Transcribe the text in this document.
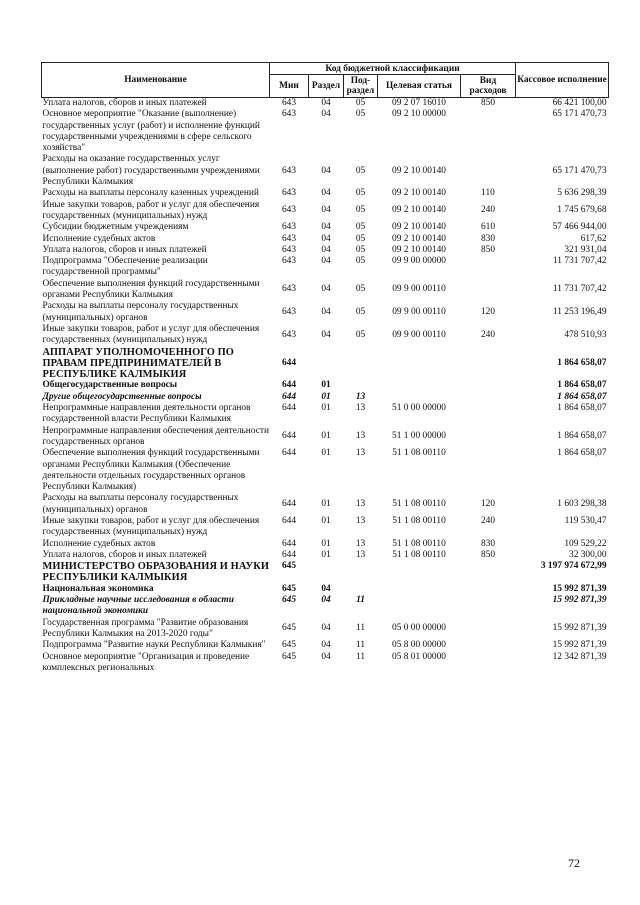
Наименование	Код бюджетной классификации					Кассовое исполнение
	Мин	Раздел	Под-раздел	Целевая статья	Вид расходов	
Уплата налогов, сборов и иных платежей	643	04	05	09 2 07 16010	850	66 421 100,00
Основное мероприятие "Оказание (выполнение) государственных услуг (работ) и исполнение функций государственными учреждениями в сфере сельского хозяйства"	643	04	05	09 2 10 00000		65 171 470,73
Расходы на оказание государственных услуг (выполнение работ) государственными учреждениями Республики Калмыкия	643	04	05	09 2 10 00140		65 171 470,73
Расходы на выплаты персоналу казенных учреждений	643	04	05	09 2 10 00140	110	5 636 298,39
Иные закупки товаров, работ и услуг для обеспечения государственных (муниципальных) нужд	643	04	05	09 2 10 00140	240	1 745 679,68
Субсидии бюджетным учреждениям	643	04	05	09 2 10 00140	610	57 466 944,00
Исполнение судебных актов	643	04	05	09 2 10 00140	830	617,62
Уплата налогов, сборов и иных платежей	643	04	05	09 2 10 00140	850	321 931,04
Подпрограмма "Обеспечение реализации государственной программы"	643	04	05	09 9 00 00000		11 731 707,42
Обеспечение выполнения функций государственными органами Республики Калмыкия	643	04	05	09 9 00 00110		11 731 707,42
Расходы на выплаты персоналу государственных (муниципальных) органов	643	04	05	09 9 00 00110	120	11 253 196,49
Иные закупки товаров, работ и услуг для обеспечения государственных (муниципальных) нужд	643	04	05	09 9 00 00110	240	478 510,93
АППАРАТ УПОЛНОМОЧЕННОГО ПО ПРАВАМ ПРЕДПРИНИМАТЕЛЕЙ В РЕСПУБЛИКЕ КАЛМЫКИЯ	644					1 864 658,07
Общегосударственные вопросы	644	01				1 864 658,07
Другие общегосударственные вопросы	644	01	13			1 864 658,07
Непрограммные направления деятельности органов государственной власти Республики Калмыкия	644	01	13	51 0 00 00000		1 864 658,07
Непрограммные направления обеспечения деятельности государственных органов	644	01	13	51 1 00 00000		1 864 658,07
Обеспечение выполнения функций государственными органами Республики Калмыкия (Обеспечение деятельности отдельных государственных органов Республики Калмыкия)	644	01	13	51 1 08 00110		1 864 658,07
Расходы на выплаты персоналу государственных (муниципальных) органов	644	01	13	51 1 08 00110	120	1 603 298,38
Иные закупки товаров, работ и услуг для обеспечения государственных (муниципальных) нужд	644	01	13	51 1 08 00110	240	119 530,47
Исполнение судебных актов	644	01	13	51 1 08 00110	830	109 529,22
Уплата налогов, сборов и иных платежей	644	01	13	51 1 08 00110	850	32 300,00
МИНИСТЕРСТВО ОБРАЗОВАНИЯ И НАУКИ РЕСПУБЛИКИ КАЛМЫКИЯ	645					3 197 974 672,99
Национальная экономика	645	04				15 992 871,39
Прикладные научные исследования в области национальной экономики	645	04	11			15 992 871,39
Государственная программа "Развитие образования Республики Калмыкия на 2013-2020 годы"	645	04	11	05 0 00 00000		15 992 871,39
Подпрограмма "Развитие науки Республики Калмыкия"	645	04	11	05 8 00 00000		15 992 871,39
Основное мероприятие "Организация и проведение комплексных региональных	645	04	11	05 8 01 00000		12 342 871,39
72
